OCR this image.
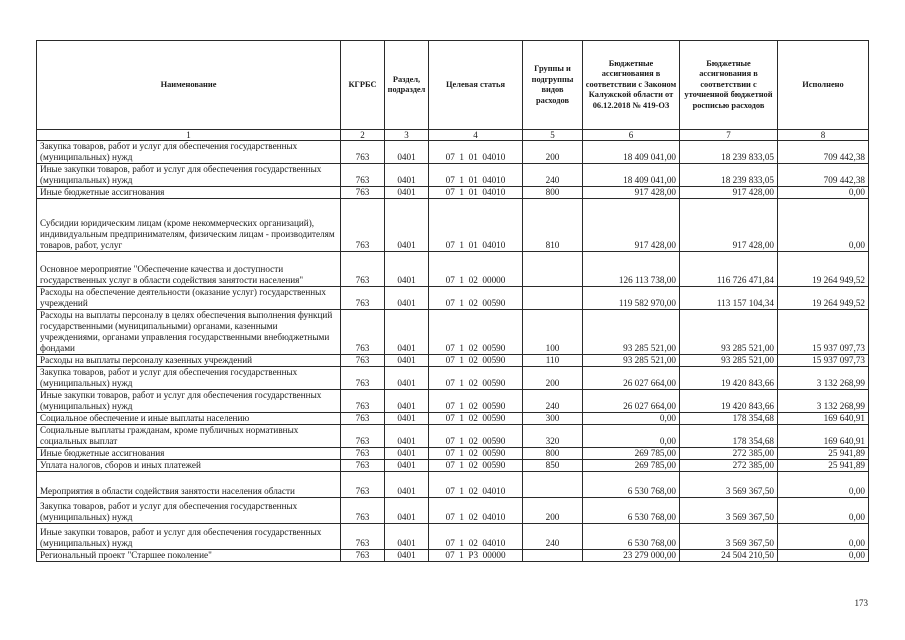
Наименование	КГРБС	Раздел, подраздел	Целевая статья	Группы и подгруппы видов расходов	Бюджетные ассигнования в соответствии с Законом Калужской области от 06.12.2018 № 419-ОЗ	Бюджетные ассигнования в соответствии с уточненной бюджетной росписью расходов	Исполнено
1	2	3	4	5	6	7	8
Закупка товаров, работ и услуг для обеспечения государственных (муниципальных) нужд	763	0401	07  1  01  04010	200	18 409 041,00	18 239 833,05	709 442,38
Иные закупки товаров, работ и услуг для обеспечения государственных (муниципальных) нужд	763	0401	07  1  01  04010	240	18 409 041,00	18 239 833,05	709 442,38
Иные бюджетные ассигнования	763	0401	07  1  01  04010	800	917 428,00	917 428,00	0,00
Субсидии юридическим лицам (кроме некоммерческих организаций), индивидуальным предпринимателям, физическим лицам - производителям товаров, работ, услуг	763	0401	07  1  01  04010	810	917 428,00	917 428,00	0,00
Основное мероприятие "Обеспечение качества и доступности государственных услуг в области содействия занятости населения"	763	0401	07  1  02  00000		126 113 738,00	116 726 471,84	19 264 949,52
Расходы на обеспечение деятельности (оказание услуг) государственных учреждений	763	0401	07  1  02  00590		119 582 970,00	113 157 104,34	19 264 949,52
Расходы на выплаты персоналу в целях обеспечения выполнения функций государственными (муниципальными) органами, казенными учреждениями, органами управления государственными внебюджетными фондами	763	0401	07  1  02  00590	100	93 285 521,00	93 285 521,00	15 937 097,73
Расходы на выплаты персоналу казенных учреждений	763	0401	07  1  02  00590	110	93 285 521,00	93 285 521,00	15 937 097,73
Закупка товаров, работ и услуг для обеспечения государственных (муниципальных) нужд	763	0401	07  1  02  00590	200	26 027 664,00	19 420 843,66	3 132 268,99
Иные закупки товаров, работ и услуг для обеспечения государственных (муниципальных) нужд	763	0401	07  1  02  00590	240	26 027 664,00	19 420 843,66	3 132 268,99
Социальное обеспечение и иные выплаты населению	763	0401	07  1  02  00590	300	0,00	178 354,68	169 640,91
Социальные выплаты гражданам, кроме публичных нормативных социальных выплат	763	0401	07  1  02  00590	320	0,00	178 354,68	169 640,91
Иные бюджетные ассигнования	763	0401	07  1  02  00590	800	269 785,00	272 385,00	25 941,89
Уплата налогов, сборов и иных платежей	763	0401	07  1  02  00590	850	269 785,00	272 385,00	25 941,89
Мероприятия в области содействия занятости населения области	763	0401	07  1  02  04010		6 530 768,00	3 569 367,50	0,00
Закупка товаров, работ и услуг для обеспечения государственных (муниципальных) нужд	763	0401	07  1  02  04010	200	6 530 768,00	3 569 367,50	0,00
Иные закупки товаров, работ и услуг для обеспечения государственных (муниципальных) нужд	763	0401	07  1  02  04010	240	6 530 768,00	3 569 367,50	0,00
Региональный проект "Старшее поколение"	763	0401	07  1  P3  00000		23 279 000,00	24 504 210,50	0,00
173
